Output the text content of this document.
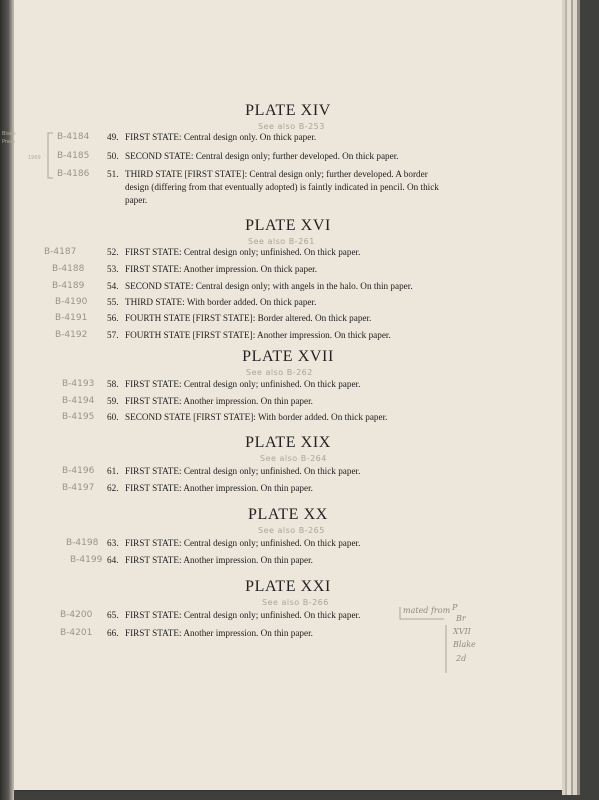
Blake
Press
1969
PLATE XIV
See also B-253
B-4184 49. FIRST STATE: Central design only. On thick paper.
B-4185 50. SECOND STATE: Central design only; further developed. On thick paper.
B-4186 51. THIRD STATE [FIRST STATE]: Central design only; further developed. A border design (differing from that eventually adopted) is faintly indicated in pencil. On thick paper.
PLATE XVI
See also B-261
B-4187	52. FIRST STATE: Central design only; unfinished. On thick paper.
B-4188 53. FIRST STATE: Another impression. On thick paper.
B-4189 54. SECOND STATE: Central design only; with angels in the halo. On thin paper.
B-4190 55. THIRD STATE: With border added. On thick paper.
B-4191 56. FOURTH STATE [FIRST STATE]: Border altered. On thick paper.
B-4192 57. FOURTH STATE [FIRST STATE]: Another impression. On thick paper.
PLATE XVII
See also B-262
B-4193 58. FIRST STATE: Central design only; unfinished. On thick paper.
B-4194 59. FIRST STATE: Another impression. On thin paper.
B-4195 60. SECOND STATE [FIRST STATE]: With border added. On thick paper.
PLATE XIX
See also B-264
B-4196 61. FIRST STATE: Central design only; unfinished. On thick paper.
B-4197 62. FIRST STATE: Another impression. On thin paper.
PLATE XX
See also B-265
B-4198 63. FIRST STATE: Central design only; unfinished. On thick paper.
B-4199 64. FIRST STATE: Another impression. On thin paper.
PLATE XXI
See also B-266
B-4200 65. FIRST STATE: Central design only; unfinished. On thick paper.
B-4201 66. FIRST STATE: Another impression. On thin paper.
mated from P
Br
XVII
Blake
2d
